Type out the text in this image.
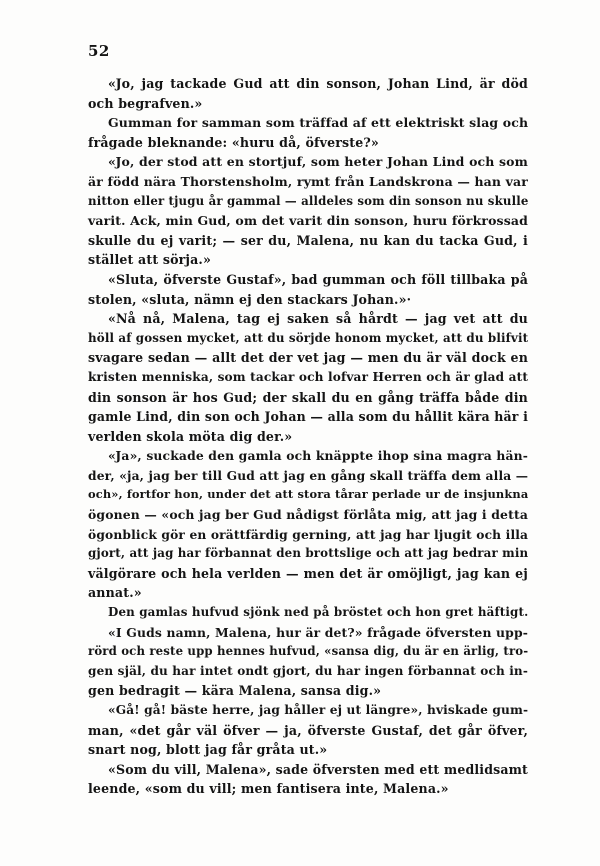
52
«Jo, jag tackade Gud att din sonson, Johan Lind, är död
och begrafven.»
Gumman for samman som träffad af ett elektriskt slag och
frågade bleknande: «huru då, öfverste?»
«Jo, der stod att en stortjuf, som heter Johan Lind och som
är född nära Thorstensholm, rymt från Landskrona — han var
nitton eller tjugu år gammal — alldeles som din sonson nu skulle
varit. Ack, min Gud, om det varit din sonson, huru förkrossad
skulle du ej varit; — ser du, Malena, nu kan du tacka Gud, i
stället att sörja.»
«Sluta, öfverste Gustaf», bad gumman och föll tillbaka på
stolen, «sluta, nämn ej den stackars Johan.»·
«Nå nå, Malena, tag ej saken så hårdt — jag vet att du
höll af gossen mycket, att du sörjde honom mycket, att du blifvit
svagare sedan — allt det der vet jag — men du är väl dock en
kristen menniska, som tackar och lofvar Herren och är glad att
din sonson är hos Gud; der skall du en gång träffa både din
gamle Lind, din son och Johan — alla som du hållit kära här i
verlden skola möta dig der.»
«Ja», suckade den gamla och knäppte ihop sina magra hän-
der, «ja, jag ber till Gud att jag en gång skall träffa dem alla —
och», fortfor hon, under det att stora tårar perlade ur de insjunkna
ögonen — «och jag ber Gud nådigst förlåta mig, att jag i detta
ögonblick gör en orättfärdig gerning, att jag har ljugit och illa
gjort, att jag har förbannat den brottslige och att jag bedrar min
välgörare och hela verlden — men det är omöjligt, jag kan ej
annat.»
Den gamlas hufvud sjönk ned på bröstet och hon gret häftigt.
«I Guds namn, Malena, hur är det?» frågade öfversten upp-
rörd och reste upp hennes hufvud, «sansa dig, du är en ärlig, tro-
gen själ, du har intet ondt gjort, du har ingen förbannat och in-
gen bedragit — kära Malena, sansa dig.»
«Gå! gå! bäste herre, jag håller ej ut längre», hviskade gum-
man, «det går väl öfver — ja, öfverste Gustaf, det går öfver,
snart nog, blott jag får gråta ut.»
«Som du vill, Malena», sade öfversten med ett medlidsamt
leende, «som du vill; men fantisera inte, Malena.»
